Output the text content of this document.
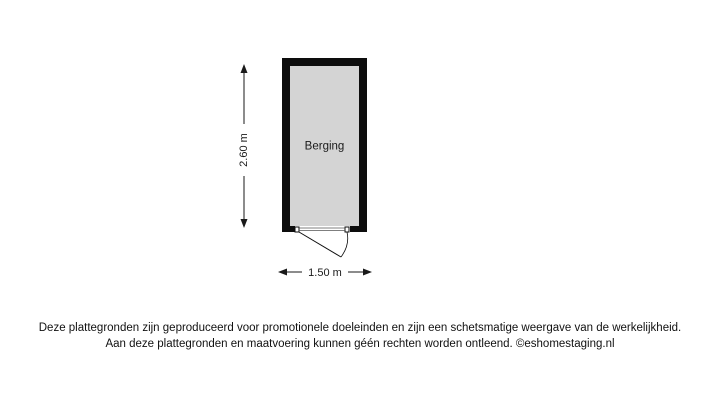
Berging
2.60 m
1.50 m
Deze plattegronden zijn geproduceerd voor promotionele doeleinden en zijn een schetsmatige weergave van de werkelijkheid.
Aan deze plattegronden en maatvoering kunnen géén rechten worden ontleend. ©eshomestaging.nl
